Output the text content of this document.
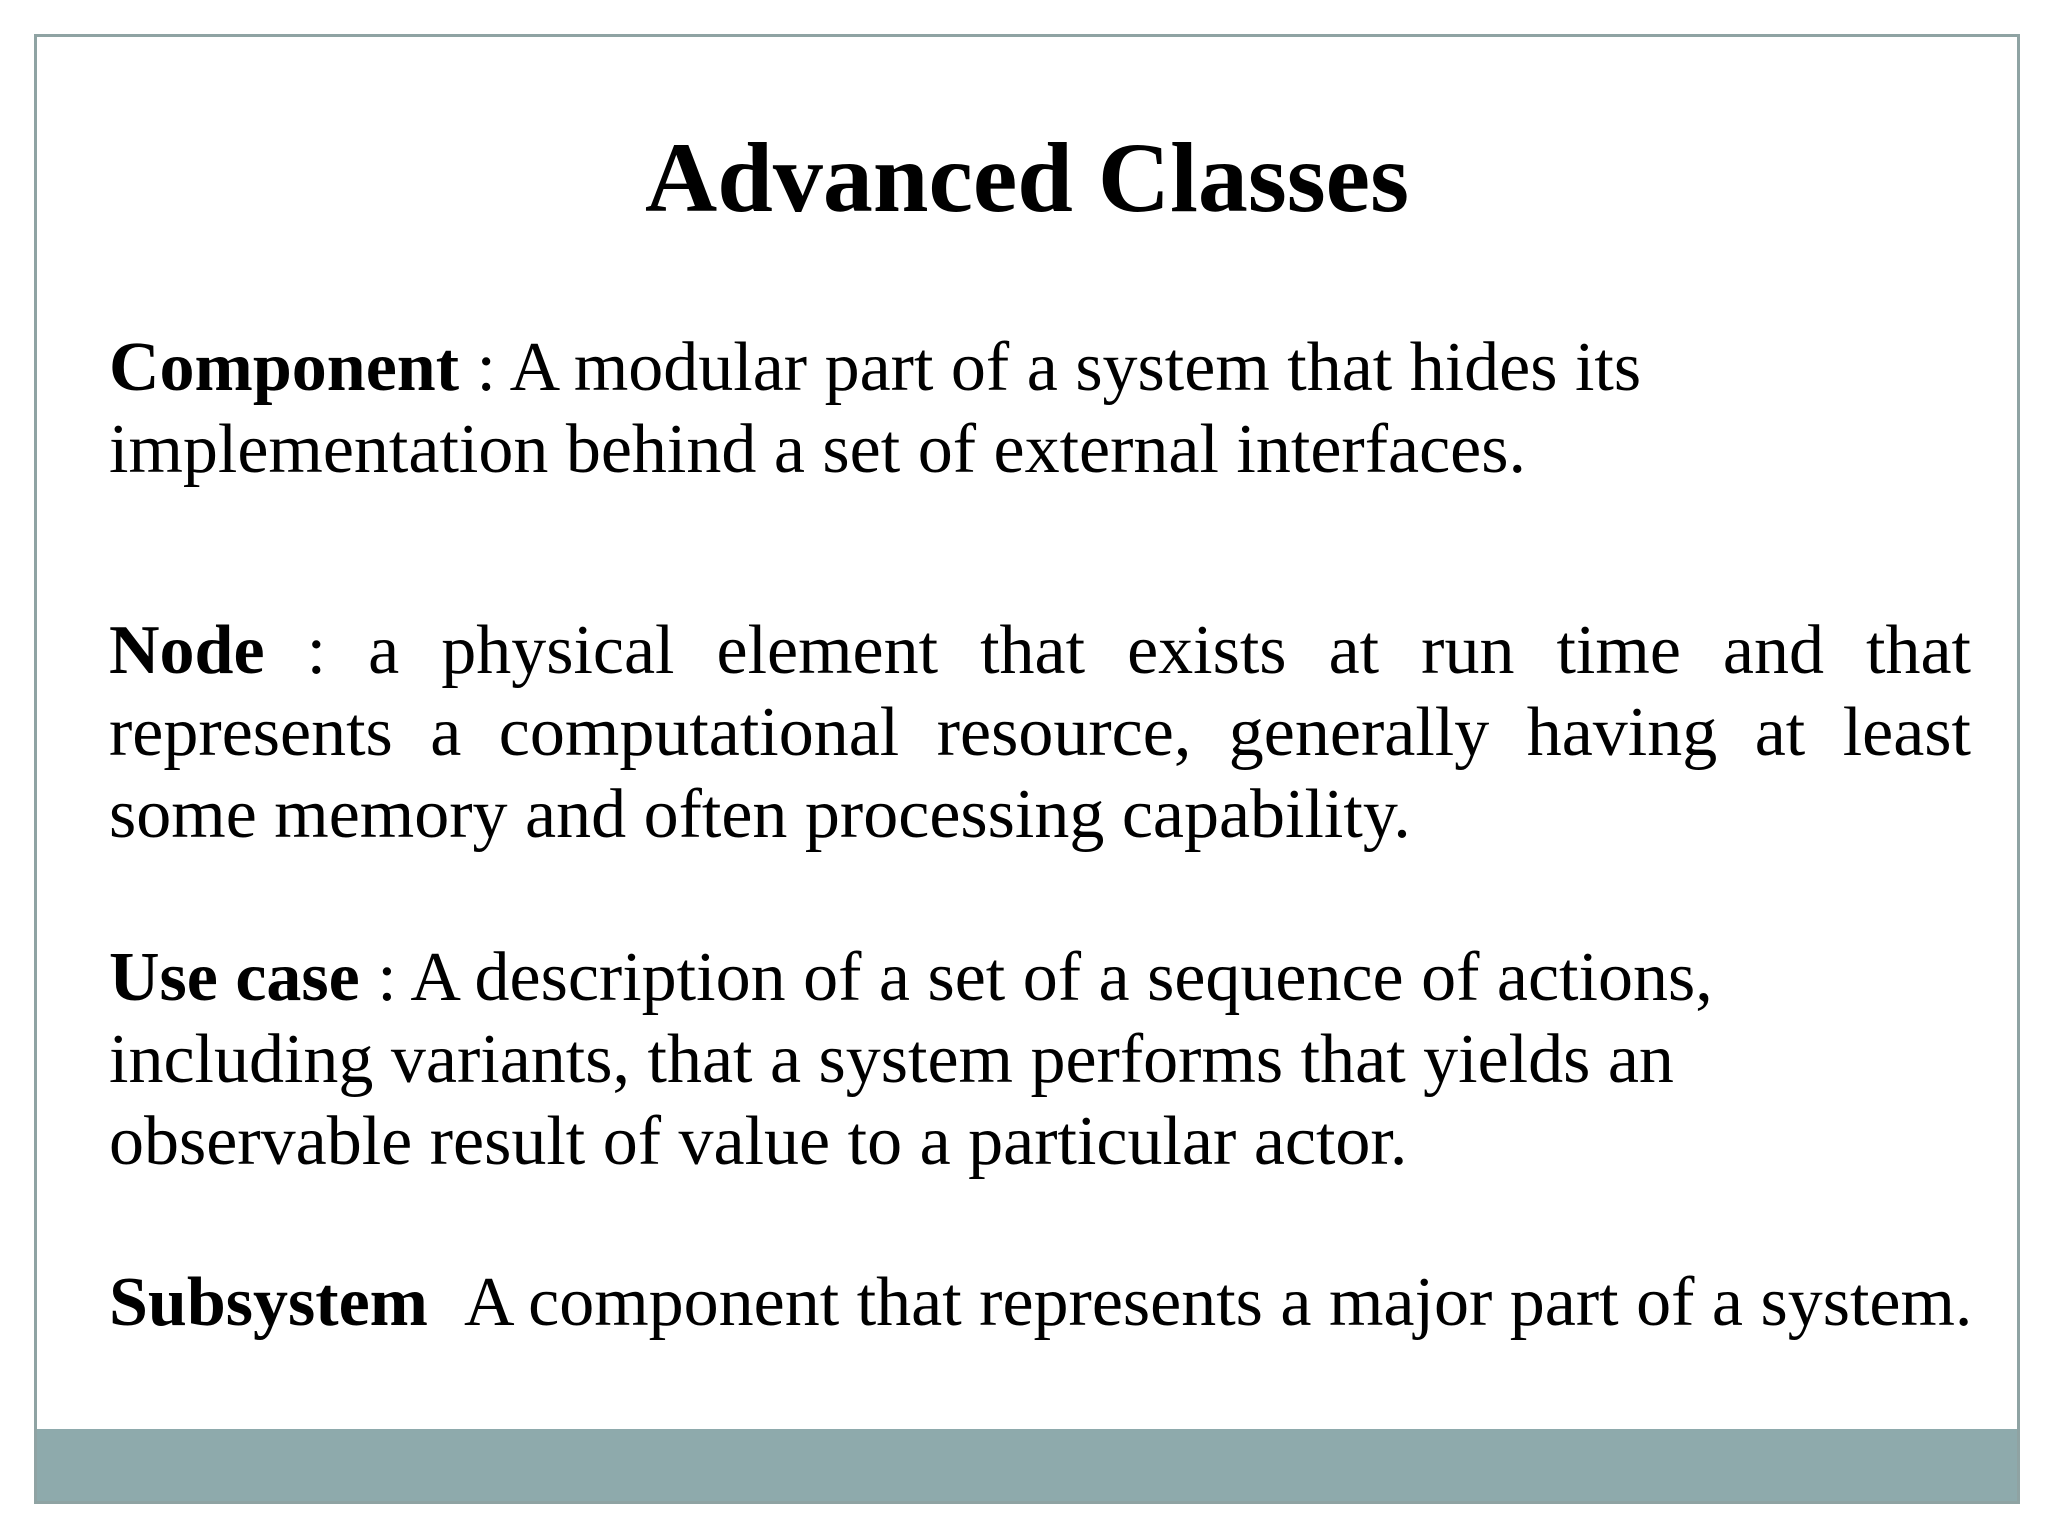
Advanced Classes

Component : A modular part of a system that hides its implementation behind a set of external interfaces.

Node : a physical element that exists at run time and that represents a computational resource, generally having at least some memory and often processing capability.

Use case : A description of a set of a sequence of actions, including variants, that a system performs that yields an observable result of value to a particular actor.

Subsystem A component that represents a major part of a system.
